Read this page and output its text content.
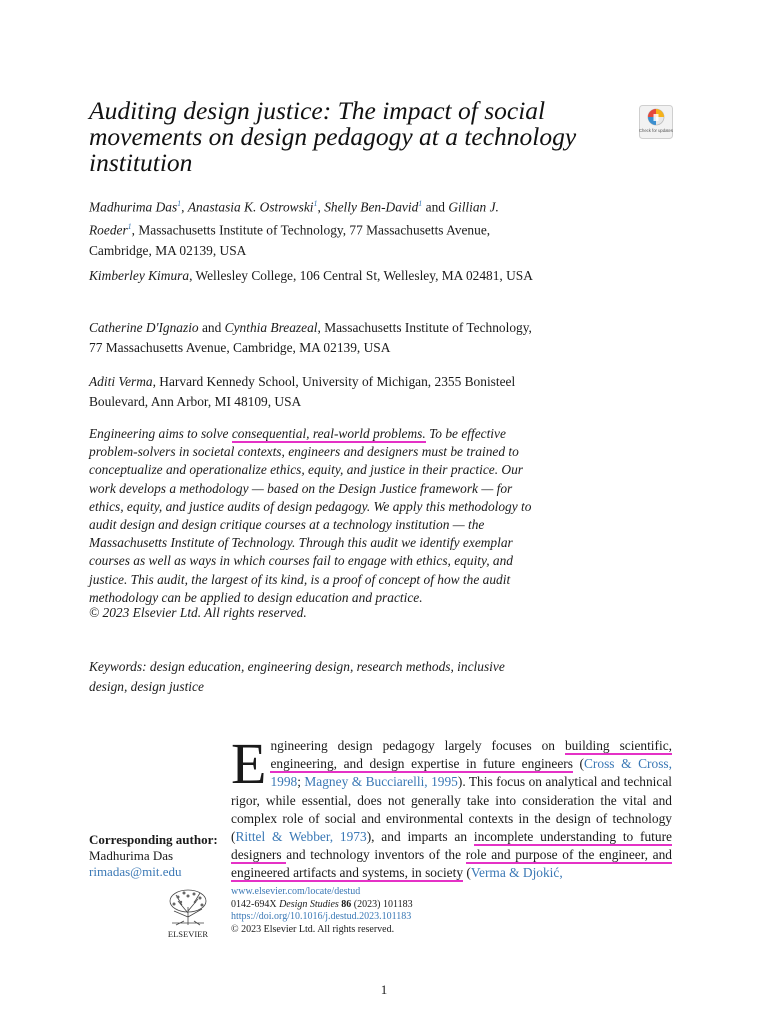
Auditing design justice: The impact of social movements on design pedagogy at a technology institution
Check for updates
Madhurima Das$^1$, Anastasia K. Ostrowski$^1$, Shelly Ben-David$^1$ and Gillian J. Roeder$^1$, Massachusetts Institute of Technology, 77 Massachusetts Avenue, Cambridge, MA 02139, USA
Kimberley Kimura, Wellesley College, 106 Central St, Wellesley, MA 02481, USA
Catherine D'Ignazio and Cynthia Breazeal, Massachusetts Institute of Technology, 77 Massachusetts Avenue, Cambridge, MA 02139, USA
Aditi Verma, Harvard Kennedy School, University of Michigan, 2355 Bonisteel Boulevard, Ann Arbor, MI 48109, USA
Engineering aims to solve consequential, real-world problems. To be effective problem-solvers in societal contexts, engineers and designers must be trained to conceptualize and operationalize ethics, equity, and justice in their practice. Our work develops a methodology — based on the Design Justice framework — for ethics, equity, and justice audits of design pedagogy. We apply this methodology to audit design and design critique courses at a technology institution — the Massachusetts Institute of Technology. Through this audit we identify exemplar courses as well as ways in which courses fail to engage with ethics, equity, and justice. This audit, the largest of its kind, is a proof of concept of how the audit methodology can be applied to design education and practice.
© 2023 Elsevier Ltd. All rights reserved.
Keywords: design education, engineering design, research methods, inclusive design, design justice
Engineering design pedagogy largely focuses on building scientific, engineering, and design expertise in future engineers (Cross & Cross, 1998; Magney & Bucciarelli, 1995). This focus on analytical and technical rigor, while essential, does not generally take into consideration the vital and complex role of social and environmental contexts in the design of technology (Rittel & Webber, 1973), and imparts an incomplete understanding to future designers and technology inventors of the role and purpose of the engineer, and engineered artifacts and systems, in society (Verma & Djokić,
Corresponding author:
Madhurima Das
rimadas@mit.edu
ELSEVIER
www.elsevier.com/locate/destud
0142-694X Design Studies 86 (2023) 101183
https://doi.org/10.1016/j.destud.2023.101183
© 2023 Elsevier Ltd. All rights reserved.
1
